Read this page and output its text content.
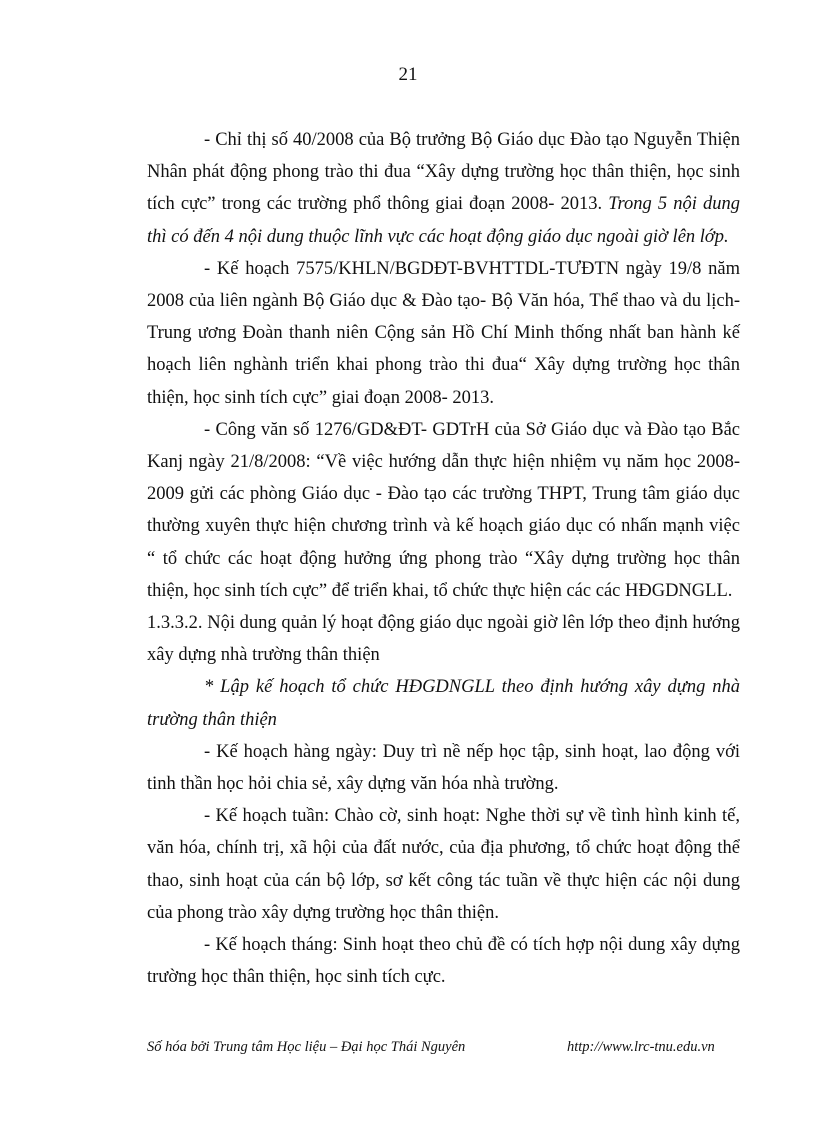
21

- Chỉ thị số 40/2008 của Bộ trưởng Bộ Giáo dục Đào tạo Nguyễn Thiện Nhân phát động phong trào thi đua “Xây dựng trường học thân thiện, học sinh tích cực” trong các trường phổ thông giai đoạn 2008- 2013. Trong 5 nội dung thì có đến 4 nội dung thuộc lĩnh vực các hoạt động giáo dục ngoài giờ lên lớp.

- Kế hoạch 7575/KHLN/BGDĐT-BVHTTDL-TƯĐTN ngày 19/8 năm 2008 của liên ngành Bộ Giáo dục & Đào tạo- Bộ Văn hóa, Thể thao và du lịch- Trung ương Đoàn thanh niên Cộng sản Hồ Chí Minh thống nhất ban hành kế hoạch liên nghành triển khai phong trào thi đua“ Xây dựng trường học thân thiện, học sinh tích cực” giai đoạn 2008- 2013.

- Công văn số 1276/GD&ĐT- GDTrH của Sở Giáo dục và Đào tạo Bắc Kanj ngày 21/8/2008: “Về việc hướng dẫn thực hiện nhiệm vụ năm học 2008-2009 gửi các phòng Giáo dục - Đào tạo các trường THPT, Trung tâm giáo dục thường xuyên thực hiện chương trình và kế hoạch giáo dục có nhấn mạnh việc “ tổ chức các hoạt động hưởng ứng phong trào “Xây dựng trường học thân thiện, học sinh tích cực” để triển khai, tổ chức thực hiện các các HĐGDNGLL.

1.3.3.2. Nội dung quản lý hoạt động giáo dục ngoài giờ lên lớp theo định hướng xây dựng nhà trường thân thiện

* Lập kế hoạch tổ chức HĐGDNGLL theo định hướng xây dựng nhà trường thân thiện

- Kế hoạch hàng ngày: Duy trì nề nếp học tập, sinh hoạt, lao động với tinh thần học hỏi chia sẻ, xây dựng văn hóa nhà trường.

- Kế hoạch tuần: Chào cờ, sinh hoạt: Nghe thời sự về tình hình kinh tế, văn hóa, chính trị, xã hội của đất nước, của địa phương, tổ chức hoạt động thể thao, sinh hoạt của cán bộ lớp, sơ kết công tác tuần về thực hiện các nội dung của phong trào xây dựng trường học thân thiện.

- Kế hoạch tháng: Sinh hoạt theo chủ đề có tích hợp nội dung xây dựng trường học thân thiện, học sinh tích cực.

Số hóa bởi Trung tâm Học liệu – Đại học Thái Nguyên	http://www.lrc-tnu.edu.vn
